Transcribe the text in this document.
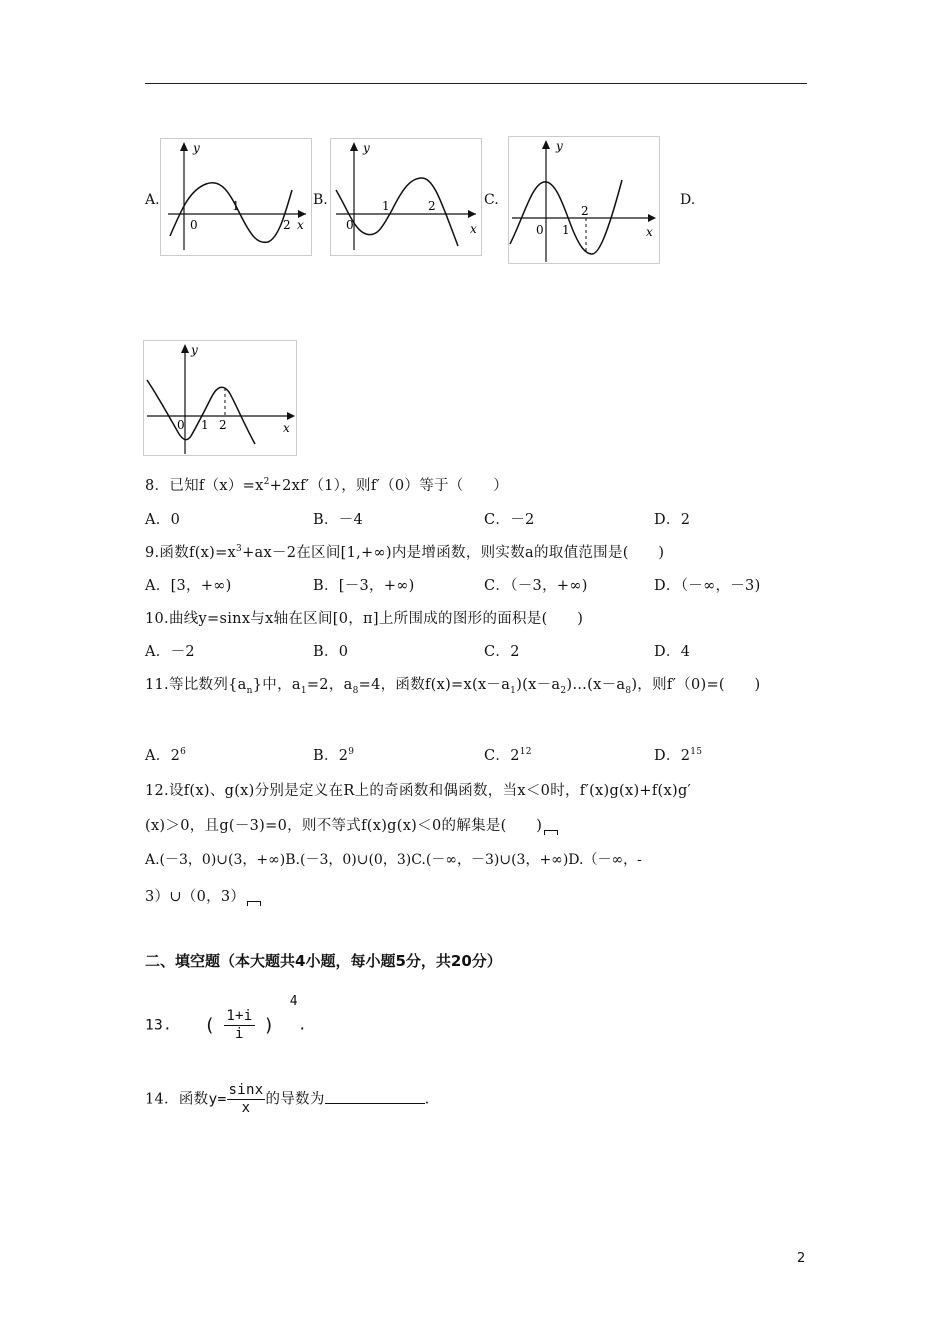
A.
y
0
1
2 x
B.
y
0
1	2
x
C.
y
0 1
2
x
D.
y
0 1 2	x
8．已知$f(x)=x^2+2xf'(1)$，则f′（0）等于（　　）
A．0	B．－4	C．－2	D．2
9.函数$f(x)=x^3+ax-2$在区间[1,+∞)内是增函数，则实数a的取值范围是(　　)
A．[3，+∞)	B．[－3，+∞)	C．（－3，+∞)	D．（－∞，－3)
10.曲线y=sinx与x轴在区间[0，π]上所围成的图形的面积是(　　)
A．－2	B．0	C．2	D．4
11.等比数列$\{a_n\}$中，$a_1=2$，$a_8=4$，函数$f(x)=x(x-a_1)(x-a_2)\dots(x-a_8)$，则f′（0)=(　　)
A．$2^6$	B．$2^9$	C．$2^{12}$	D．$2^{15}$
12.设f(x)、g(x)分别是定义在R上的奇函数和偶函数，当x＜0时，f′(x)g(x)+f(x)g′
(x)＞0，且g(－3)=0，则不等式f(x)g(x)＜0的解集是(　　)
A.(－3，0)∪(3，+∞)B.(－3，0)∪(0，3)C.(－∞，－3)∪(3，+∞)D.（－∞，-
3）∪（0，3）
二、填空题（本大题共4小题，每小题5分，共20分）
13. ( $\frac{1+i}{i}$ ) 4.
14．函数$y= \frac{\sin x}{x}$ 的导数为	.
2
